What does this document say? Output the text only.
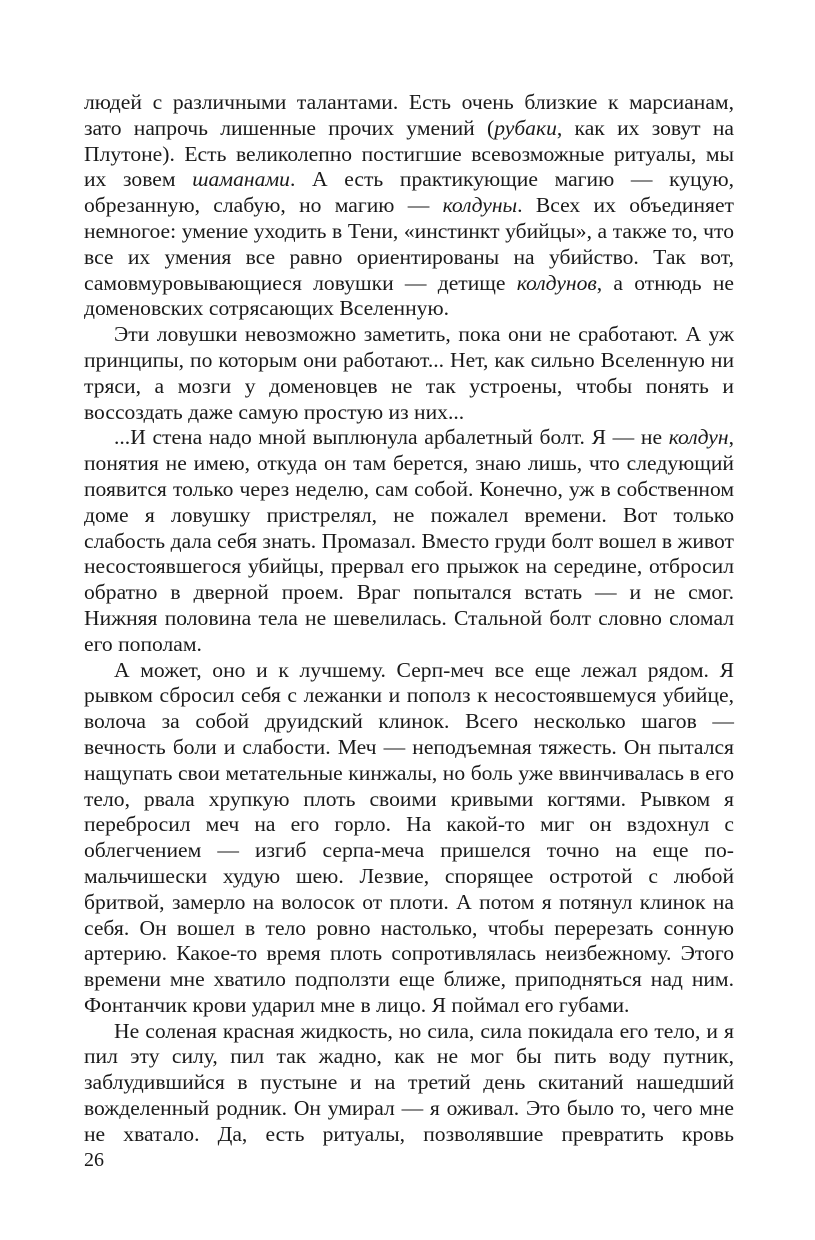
людей с различными талантами. Есть очень близкие к марсианам, зато напрочь лишенные прочих умений (рубаки, как их зовут на Плутоне). Есть великолепно постигшие всевозможные ритуалы, мы их зовем шаманами. А есть практикующие магию — куцую, обрезанную, слабую, но магию — колдуны. Всех их объединяет немногое: умение уходить в Тени, «инстинкт убийцы», а также то, что все их умения все равно ориентированы на убийство. Так вот, самовмуровывающиеся ловушки — детище колдунов, а отнюдь не доменовских сотрясающих Вселенную.

Эти ловушки невозможно заметить, пока они не сработают. А уж принципы, по которым они работают... Нет, как сильно Вселенную ни тряси, а мозги у доменовцев не так устроены, чтобы понять и воссоздать даже самую простую из них...

...И стена надо мной выплюнула арбалетный болт. Я — не колдун, понятия не имею, откуда он там берется, знаю лишь, что следующий появится только через неделю, сам собой. Конечно, уж в собственном доме я ловушку пристрелял, не пожалел времени. Вот только слабость дала себя знать. Промазал. Вместо груди болт вошел в живот несостоявшегося убийцы, прервал его прыжок на середине, отбросил обратно в дверной проем. Враг попытался встать — и не смог. Нижняя половина тела не шевелилась. Стальной болт словно сломал его пополам.

А может, оно и к лучшему. Серп-меч все еще лежал рядом. Я рывком сбросил себя с лежанки и пополз к несостоявшемуся убийце, волоча за собой друидский клинок. Всего несколько шагов — вечность боли и слабости. Меч — неподъемная тяжесть. Он пытался нащупать свои метательные кинжалы, но боль уже ввинчивалась в его тело, рвала хрупкую плоть своими кривыми когтями. Рывком я перебросил меч на его горло. На какой-то миг он вздохнул с облегчением — изгиб серпа-меча пришелся точно на еще по-мальчишески худую шею. Лезвие, спорящее остротой с любой бритвой, замерло на волосок от плоти. А потом я потянул клинок на себя. Он вошел в тело ровно настолько, чтобы перерезать сонную артерию. Какое-то время плоть сопротивлялась неизбежному. Этого времени мне хватило подползти еще ближе, приподняться над ним. Фонтанчик крови ударил мне в лицо. Я поймал его губами.

Не соленая красная жидкость, но сила, сила покидала его тело, и я пил эту силу, пил так жадно, как не мог бы пить воду путник, заблудившийся в пустыне и на третий день скитаний нашедший вожделенный родник. Он умирал — я оживал. Это было то, чего мне не хватало. Да, есть ритуалы, позволявшие превратить кровь

26
